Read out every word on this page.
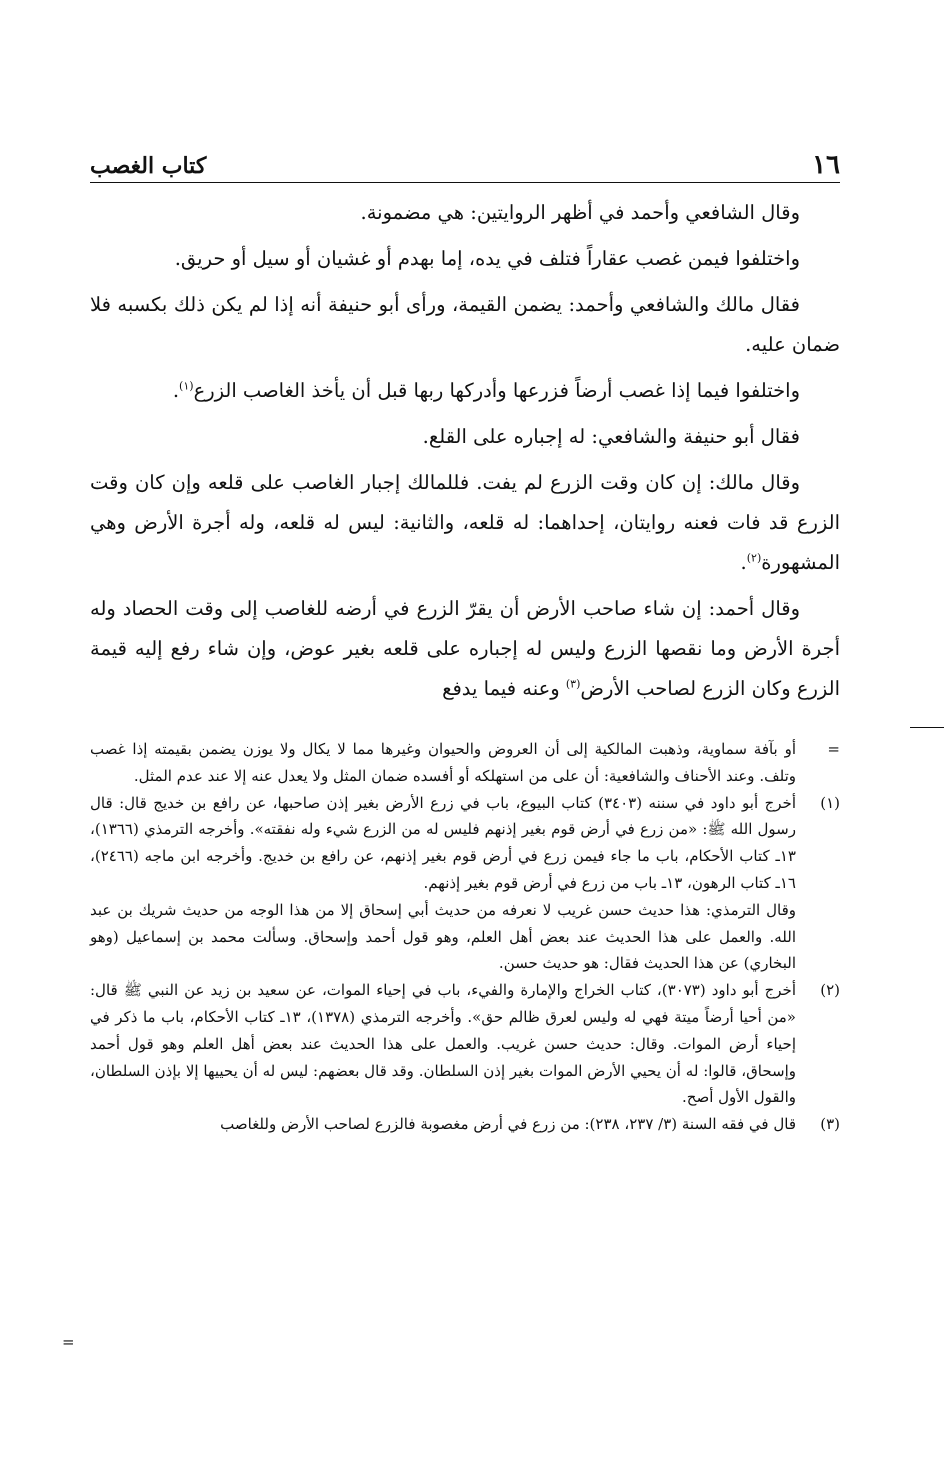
١٦
كتاب الغصب

وقال الشافعي وأحمد في أظهر الروايتين: هي مضمونة.

واختلفوا فيمن غصب عقاراً فتلف في يده، إما بهدم أو غشيان أو سيل أو حريق.

فقال مالك والشافعي وأحمد: يضمن القيمة، ورأى أبو حنيفة أنه إذا لم يكن ذلك بكسبه فلا ضمان عليه.

واختلفوا فيما إذا غصب أرضاً فزرعها وأدركها ربها قبل أن يأخذ الغاصب الزرع$^{(١)}$.

فقال أبو حنيفة والشافعي: له إجباره على القلع.

وقال مالك: إن كان وقت الزرع لم يفت. فللمالك إجبار الغاصب على قلعه وإن كان وقت الزرع قد فات فعنه روايتان، إحداهما: له قلعه، والثانية: ليس له قلعه، وله أجرة الأرض وهي المشهورة$^{(٢)}$.

وقال أحمد: إن شاء صاحب الأرض أن يقرّ الزرع في أرضه للغاصب إلى وقت الحصاد وله أجرة الأرض وما نقصها الزرع وليس له إجباره على قلعه بغير عوض، وإن شاء رفع إليه قيمة الزرع وكان الزرع لصاحب الأرض$^{(٣)}$ وعنه فيما يدفع

=
أو بآفة سماوية، وذهبت المالكية إلى أن العروض والحيوان وغيرها مما لا يكال ولا يوزن يضمن بقيمته إذا غصب وتلف. وعند الأحناف والشافعية: أن على من استهلكه أو أفسده ضمان المثل ولا يعدل عنه إلا عند عدم المثل.
(١)

أخرج أبو داود في سننه (٣٤٠٣) كتاب البيوع، باب في زرع الأرض بغير إذن صاحبها، عن رافع بن خديج قال: قال رسول الله ﷺ: «من زرع في أرض قوم بغير إذنهم فليس له من الزرع شيء وله نفقته». وأخرجه الترمذي (١٣٦٦)، ١٣ـ كتاب الأحكام، باب ما جاء فيمن زرع في أرض قوم بغير إذنهم، عن رافع بن خديج. وأخرجه ابن ماجه (٢٤٦٦)، ١٦ـ كتاب الرهون، ١٣ـ باب من زرع في أرض قوم بغير إذنهم.

وقال الترمذي: هذا حديث حسن غريب لا نعرفه من حديث أبي إسحاق إلا من هذا الوجه من حديث شريك بن عبد الله. والعمل على هذا الحديث عند بعض أهل العلم، وهو قول أحمد وإسحاق. وسألت محمد بن إسماعيل (وهو البخاري) عن هذا الحديث فقال: هو حديث حسن.

(٢)
أخرج أبو داود (٣٠٧٣)، كتاب الخراج والإمارة والفيء، باب في إحياء الموات، عن سعيد بن زيد عن النبي ﷺ قال: «من أحيا أرضاً ميتة فهي له وليس لعرق ظالم حق». وأخرجه الترمذي (١٣٧٨)، ١٣ـ كتاب الأحكام، باب ما ذكر في إحياء أرض الموات. وقال: حديث حسن غريب. والعمل على هذا الحديث عند بعض أهل العلم وهو قول أحمد وإسحاق، قالوا: له أن يحيي الأرض الموات بغير إذن السلطان. وقد قال بعضهم: ليس له أن يحييها إلا بإذن السلطان، والقول الأول أصح.
(٣)
قال في فقه السنة (٣/ ٢٣٧، ٢٣٨): من زرع في أرض مغصوبة فالزرع لصاحب الأرض وللغاصب
=
